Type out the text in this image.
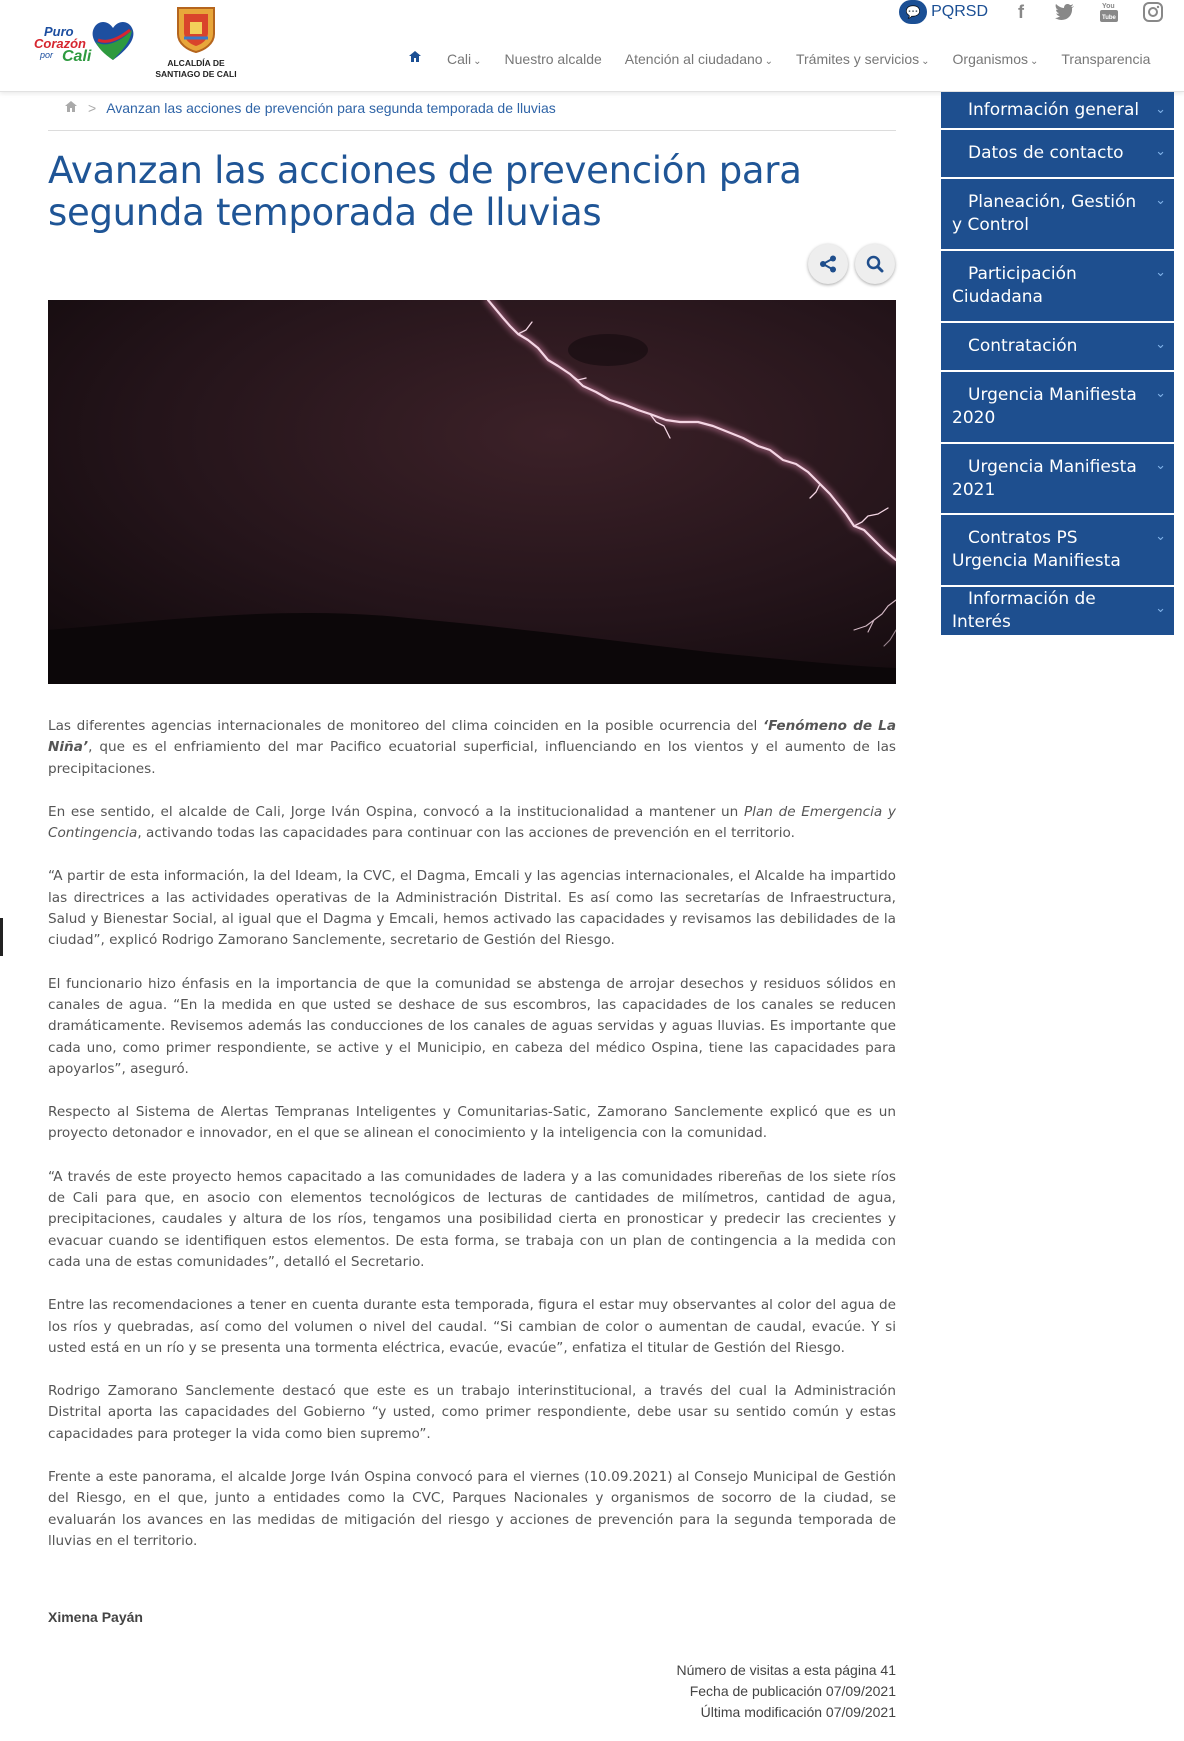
Puro
Corazón
por Cali	ALCALDÍA DE
SANTIAGO DE CALI
💬 PQRSD	f	You
Tube
Cali ⌄ Nuestro alcalde Atención al ciudadano ⌄ Trámites y servicios ⌄ Organismos ⌄ Transparencia
> Avanzan las acciones de prevención para segunda temporada de lluvias
Avanzan las acciones de prevención para segunda temporada de lluvias

Las diferentes agencias internacionales de monitoreo del clima coinciden en la posible ocurrencia del ‘Fenómeno de La Niña’, que es el enfriamiento del mar Pacifico ecuatorial superficial, influenciando en los vientos y el aumento de las precipitaciones.

En ese sentido, el alcalde de Cali, Jorge Iván Ospina, convocó a la institucionalidad a mantener un Plan de Emergencia y Contingencia, activando todas las capacidades para continuar con las acciones de prevención en el territorio.

“A partir de esta información, la del Ideam, la CVC, el Dagma, Emcali y las agencias internacionales, el Alcalde ha impartido las directrices a las actividades operativas de la Administración Distrital. Es así como las secretarías de Infraestructura, Salud y Bienestar Social, al igual que el Dagma y Emcali, hemos activado las capacidades y revisamos las debilidades de la ciudad”, explicó Rodrigo Zamorano Sanclemente, secretario de Gestión del Riesgo.

El funcionario hizo énfasis en la importancia de que la comunidad se abstenga de arrojar desechos y residuos sólidos en canales de agua. “En la medida en que usted se deshace de sus escombros, las capacidades de los canales se reducen dramáticamente. Revisemos además las conducciones de los canales de aguas servidas y aguas lluvias. Es importante que cada uno, como primer respondiente, se active y el Municipio, en cabeza del médico Ospina, tiene las capacidades para apoyarlos”, aseguró.

Respecto al Sistema de Alertas Tempranas Inteligentes y Comunitarias-Satic, Zamorano Sanclemente explicó que es un proyecto detonador e innovador, en el que se alinean el conocimiento y la inteligencia con la comunidad.

“A través de este proyecto hemos capacitado a las comunidades de ladera y a las comunidades ribereñas de los siete ríos de Cali para que, en asocio con elementos tecnológicos de lecturas de cantidades de milímetros, cantidad de agua, precipitaciones, caudales y altura de los ríos, tengamos una posibilidad cierta en pronosticar y predecir las crecientes y evacuar cuando se identifiquen estos elementos. De esta forma, se trabaja con un plan de contingencia a la medida con cada una de estas comunidades”, detalló el Secretario.

Entre las recomendaciones a tener en cuenta durante esta temporada, figura el estar muy observantes al color del agua de los ríos y quebradas, así como del volumen o nivel del caudal. “Si cambian de color o aumentan de caudal, evacúe. Y si usted está en un río y se presenta una tormenta eléctrica, evacúe, evacúe”, enfatiza el titular de Gestión del Riesgo.

Rodrigo Zamorano Sanclemente destacó que este es un trabajo interinstitucional, a través del cual la Administración Distrital aporta las capacidades del Gobierno “y usted, como primer respondiente, debe usar su sentido común y estas capacidades para proteger la vida como bien supremo”.

Frente a este panorama, el alcalde Jorge Iván Ospina convocó para el viernes (10.09.2021) al Consejo Municipal de Gestión del Riesgo, en el que, junto a entidades como la CVC, Parques Nacionales y organismos de socorro de la ciudad, se evaluarán los avances en las medidas de mitigación del riesgo y acciones de prevención para la segunda temporada de lluvias en el territorio.

Ximena Payán
Número de visitas a esta página 41
Fecha de publicación 07/09/2021
Última modificación 07/09/2021
Información general ⌄
Datos de contacto ⌄
Planeación, Gestión y Control
⌄
Participación Ciudadana
⌄
Contratación	⌄
Urgencia Manifiesta 2020
⌄
Urgencia Manifiesta 2021
⌄
Contratos PS Urgencia Manifiesta
⌄
Información de Interés
⌄
